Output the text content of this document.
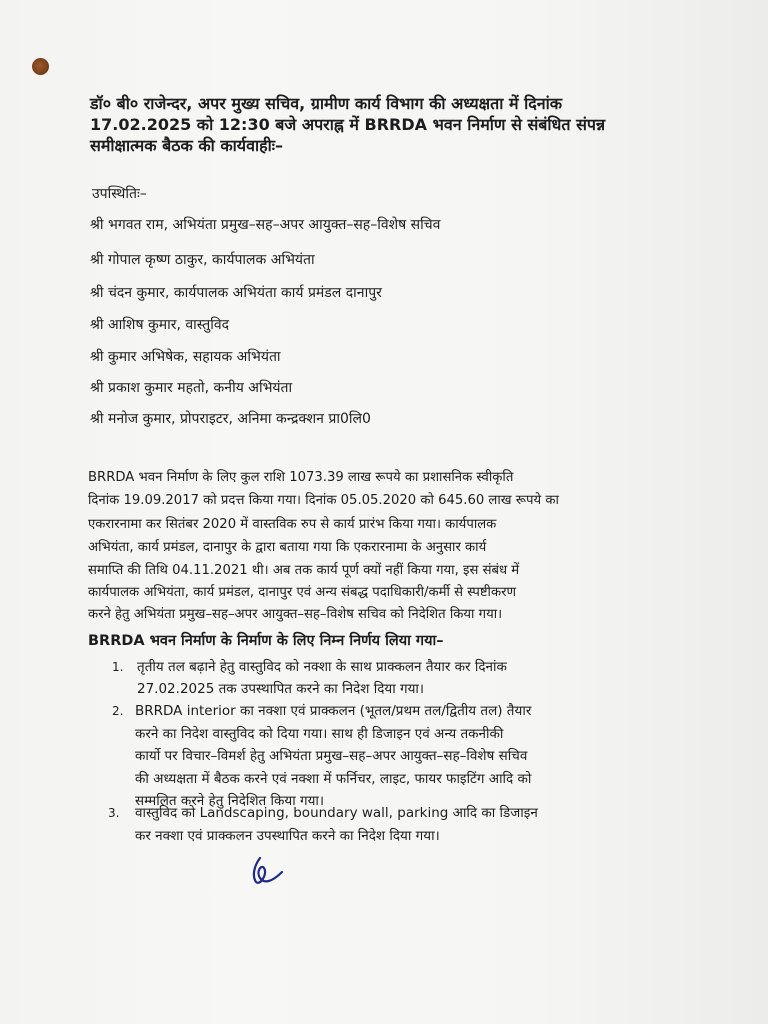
डॉ० बी० राजेन्दर, अपर मुख्य सचिव, ग्रामीण कार्य विभाग की अध्यक्षता में दिनांक
17.02.2025 को 12:30 बजे अपराह्न में BRRDA भवन निर्माण से संबंधित संपन्न
समीक्षात्मक बैठक की कार्यवाहीः–
उपस्थितिः–
श्री भगवत राम, अभियंता प्रमुख–सह–अपर आयुक्त–सह–विशेष सचिव
श्री गोपाल कृष्ण ठाकुर, कार्यपालक अभियंता
श्री चंदन कुमार, कार्यपालक अभियंता कार्य प्रमंडल दानापुर
श्री आशिष कुमार, वास्तुविद
श्री कुमार अभिषेक, सहायक अभियंता
श्री प्रकाश कुमार महतो, कनीय अभियंता
श्री मनोज कुमार, प्रोपराइटर, अनिमा कन्द्रक्शन प्रा0लि0
BRRDA भवन निर्माण के लिए कुल राशि 1073.39 लाख रूपये का प्रशासनिक स्वीकृति
दिनांक 19.09.2017 को प्रदत्त किया गया। दिनांक 05.05.2020 को 645.60 लाख रूपये का
एकरारनामा कर सितंबर 2020 में वास्तविक रुप से कार्य प्रारंभ किया गया। कार्यपालक
अभियंता, कार्य प्रमंडल, दानापुर के द्वारा बताया गया कि एकरारनामा के अनुसार कार्य
समाप्ति की तिथि 04.11.2021 थी। अब तक कार्य पूर्ण क्यों नहीं किया गया, इस संबंध में
कार्यपालक अभियंता, कार्य प्रमंडल, दानापुर एवं अन्य संबद्ध पदाधिकारी/कर्मी से स्पष्टीकरण
करने हेतु अभियंता प्रमुख–सह–अपर आयुक्त–सह–विशेष सचिव को निदेशित किया गया।
BRRDA भवन निर्माण के निर्माण के लिए निम्न निर्णय लिया गया–
1. तृतीय तल बढ़ाने हेतु वास्तुविद को नक्शा के साथ प्राक्कलन तैयार कर दिनांक
27.02.2025 तक उपस्थापित करने का निदेश दिया गया।
2. BRRDA interior का नक्शा एवं प्राक्कलन (भूतल/प्रथम तल/द्वितीय तल) तैयार
करने का निदेश वास्तुविद को दिया गया। साथ ही डिजाइन एवं अन्य तकनीकी
कार्यो पर विचार–विमर्श हेतु अभियंता प्रमुख–सह–अपर आयुक्त–सह–विशेष सचिव
की अध्यक्षता में बैठक करने एवं नक्शा में फर्निचर, लाइट, फायर फाइटिंग आदि को
सम्मलित करने हेतु निदेशित किया गया।
3. वास्तुविद को Landscaping, boundary wall, parking आदि का डिजाइन
कर नक्शा एवं प्राक्कलन उपस्थापित करने का निदेश दिया गया।
